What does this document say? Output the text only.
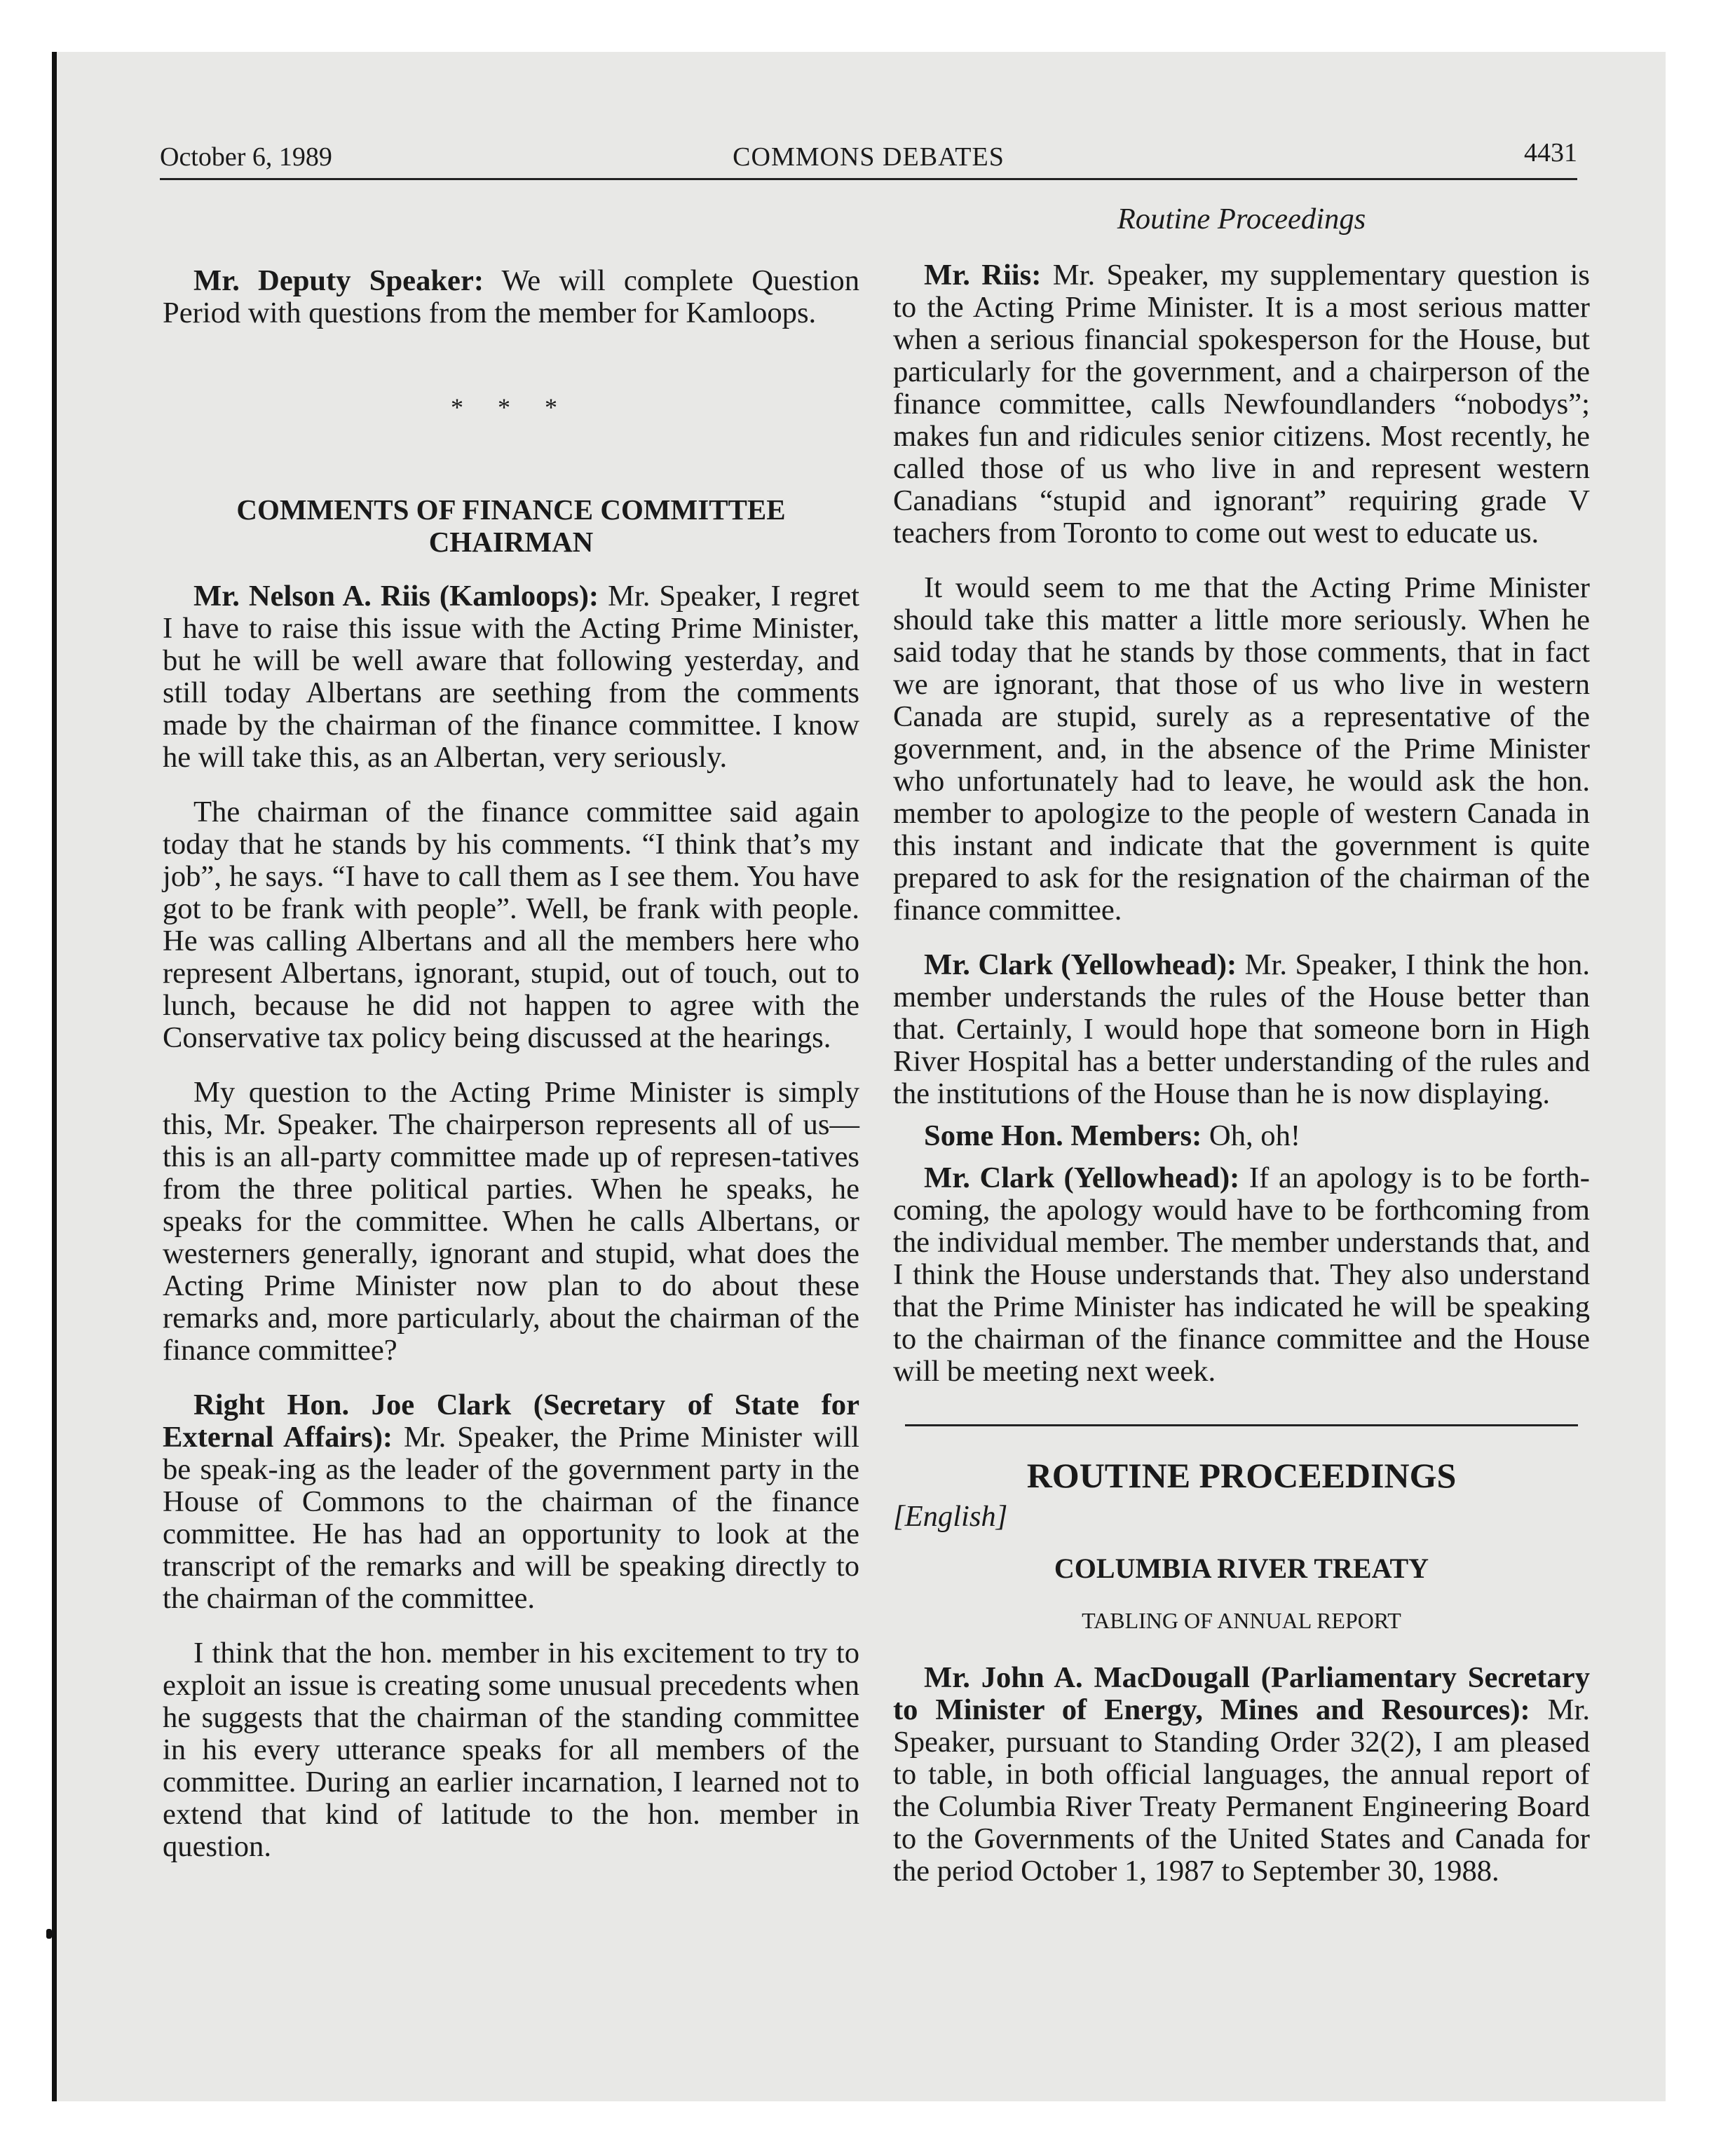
October 6, 1989	COMMONS DEBATES	4431

Mr. Deputy Speaker: We will complete Question Period with questions from the member for Kamloops.

* * *
COMMENTS OF FINANCE COMMITTEE CHAIRMAN

Mr. Nelson A. Riis (Kamloops): Mr. Speaker, I regret I have to raise this issue with the Acting Prime Minister, but he will be well aware that following yesterday, and still today Albertans are seething from the comments made by the chairman of the finance committee. I know he will take this, as an Albertan, very seriously.

The chairman of the finance committee said again today that he stands by his comments. “I think that’s my job”, he says. “I have to call them as I see them. You have got to be frank with people”. Well, be frank with people. He was calling Albertans and all the members here who represent Albertans, ignorant, stupid, out of touch, out to lunch, because he did not happen to agree with the Conservative tax policy being discussed at the hearings.

My question to the Acting Prime Minister is simply this, Mr. Speaker. The chairperson represents all of us—this is an all-party committee made up of represen-tatives from the three political parties. When he speaks, he speaks for the committee. When he calls Albertans, or westerners generally, ignorant and stupid, what does the Acting Prime Minister now plan to do about these remarks and, more particularly, about the chairman of the finance committee?

Right Hon. Joe Clark (Secretary of State for External Affairs): Mr. Speaker, the Prime Minister will be speak-ing as the leader of the government party in the House of Commons to the chairman of the finance committee. He has had an opportunity to look at the transcript of the remarks and will be speaking directly to the chairman of the committee.

I think that the hon. member in his excitement to try to exploit an issue is creating some unusual precedents when he suggests that the chairman of the standing committee in his every utterance speaks for all members of the committee. During an earlier incarnation, I learned not to extend that kind of latitude to the hon. member in question.

Routine Proceedings

Mr. Riis: Mr. Speaker, my supplementary question is to the Acting Prime Minister. It is a most serious matter when a serious financial spokesperson for the House, but particularly for the government, and a chairperson of the finance committee, calls Newfoundlanders “nobodys”; makes fun and ridicules senior citizens. Most recently, he called those of us who live in and represent western Canadians “stupid and ignorant” requiring grade V teachers from Toronto to come out west to educate us.

It would seem to me that the Acting Prime Minister should take this matter a little more seriously. When he said today that he stands by those comments, that in fact we are ignorant, that those of us who live in western Canada are stupid, surely as a representative of the government, and, in the absence of the Prime Minister who unfortunately had to leave, he would ask the hon. member to apologize to the people of western Canada in this instant and indicate that the government is quite prepared to ask for the resignation of the chairman of the finance committee.

Mr. Clark (Yellowhead): Mr. Speaker, I think the hon. member understands the rules of the House better than that. Certainly, I would hope that someone born in High River Hospital has a better understanding of the rules and the institutions of the House than he is now displaying.

Some Hon. Members: Oh, oh!

Mr. Clark (Yellowhead): If an apology is to be forth-coming, the apology would have to be forthcoming from the individual member. The member understands that, and I think the House understands that. They also understand that the Prime Minister has indicated he will be speaking to the chairman of the finance committee and the House will be meeting next week.

ROUTINE PROCEEDINGS
[English]
COLUMBIA RIVER TREATY
TABLING OF ANNUAL REPORT

Mr. John A. MacDougall (Parliamentary Secretary to Minister of Energy, Mines and Resources): Mr. Speaker, pursuant to Standing Order 32(2), I am pleased to table, in both official languages, the annual report of the Columbia River Treaty Permanent Engineering Board to the Governments of the United States and Canada for the period October 1, 1987 to September 30, 1988.
